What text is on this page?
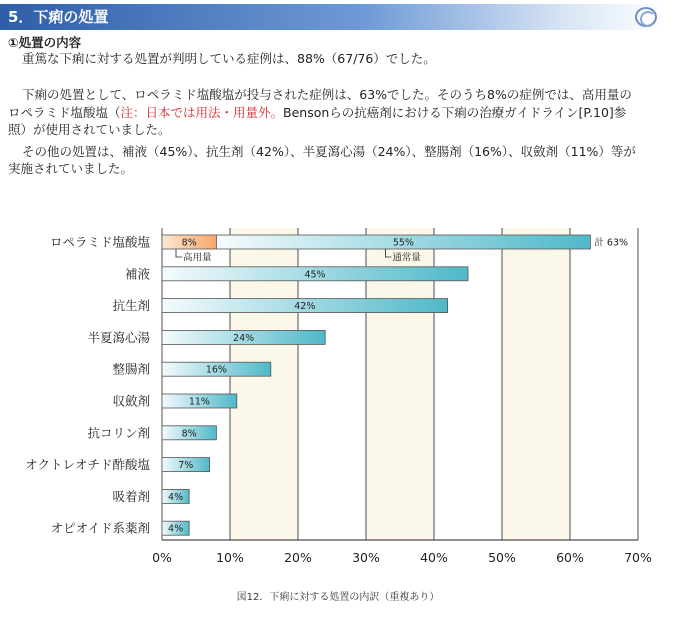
5．下痢の処置
①処置の内容
重篤な下痢に対する処置が判明している症例は、88%（67/76）でした。
下痢の処置として、ロペラミド塩酸塩が投与された症例は、63%でした。そのうち8%の症例では、高用量の
ロペラミド塩酸塩（注：日本では用法・用量外。Bensonらの抗癌剤における下痢の治療ガイドライン[P.10]参
照）が使用されていました。
その他の処置は、補液（45%）、抗生剤（42%）、半夏瀉心湯（24%）、整腸剤（16%）、収斂剤（11%）等が
実施されていました。
ロペラミド塩酸塩	8%
高用量
55%
通常量
計 63%
補液	45%
抗生剤	42%
半夏瀉心湯	24%
整腸剤	16%
収斂剤	11%
抗コリン剤	8%
オクトレオチド酢酸塩	7%
吸着剤 4%
オピオイド系薬剤 4%
図12．下痢に対する処置の内訳（重複あり）
0%	10%	20%	30%	40%	50%	60%	70%
